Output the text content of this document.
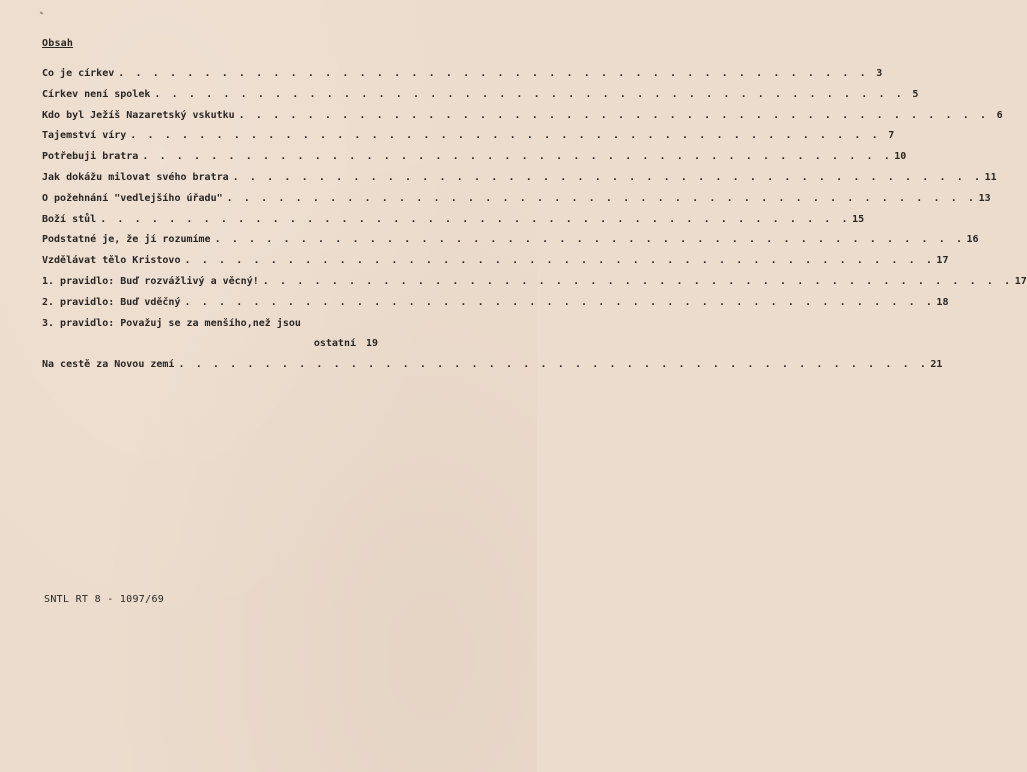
Obsah
Co je církev . . . . . . . . . . . . . . . . . . . . . . . . . . . . . . . . . . . . . . . . . . . . 3
Církev není spolek . . . . . . . . . . . . . . . . . . . . . . . . . . . . . . . . . . . . . . . . . . . . 5
Kdo byl Ježíš Nazaretský vskutku . . . . . . . . . . . . . . . . . . . . . . . . . . . . . . . . . . . . . . . . . . . . 6
Tajemství víry . . . . . . . . . . . . . . . . . . . . . . . . . . . . . . . . . . . . . . . . . . . . 7
Potřebuji bratra . . . . . . . . . . . . . . . . . . . . . . . . . . . . . . . . . . . . . . . . . . . . 10
Jak dokážu milovat svého bratra . . . . . . . . . . . . . . . . . . . . . . . . . . . . . . . . . . . . . . . . . . . . 11
O požehnání "vedlejšího úřadu" . . . . . . . . . . . . . . . . . . . . . . . . . . . . . . . . . . . . . . . . . . . . 13
Boží stůl . . . . . . . . . . . . . . . . . . . . . . . . . . . . . . . . . . . . . . . . . . . . 15
Podstatné je, že jí rozumíme . . . . . . . . . . . . . . . . . . . . . . . . . . . . . . . . . . . . . . . . . . . . 16
Vzdělávat tělo Kristovo . . . . . . . . . . . . . . . . . . . . . . . . . . . . . . . . . . . . . . . . . . . . 17
1. pravidlo: Buď rozvážlivý a věcný! . . . . . . . . . . . . . . . . . . . . . . . . . . . . . . . . . . . . . . . . . . . . 17
2. pravidlo: Buď vděčný . . . . . . . . . . . . . . . . . . . . . . . . . . . . . . . . . . . . . . . . . . . . 18
3. pravidlo: Považuj se za menšího,než jsou
ostatní 19
Na cestě za Novou zemí . . . . . . . . . . . . . . . . . . . . . . . . . . . . . . . . . . . . . . . . . . . . 21
SNTL RT 8 - 1097/69
